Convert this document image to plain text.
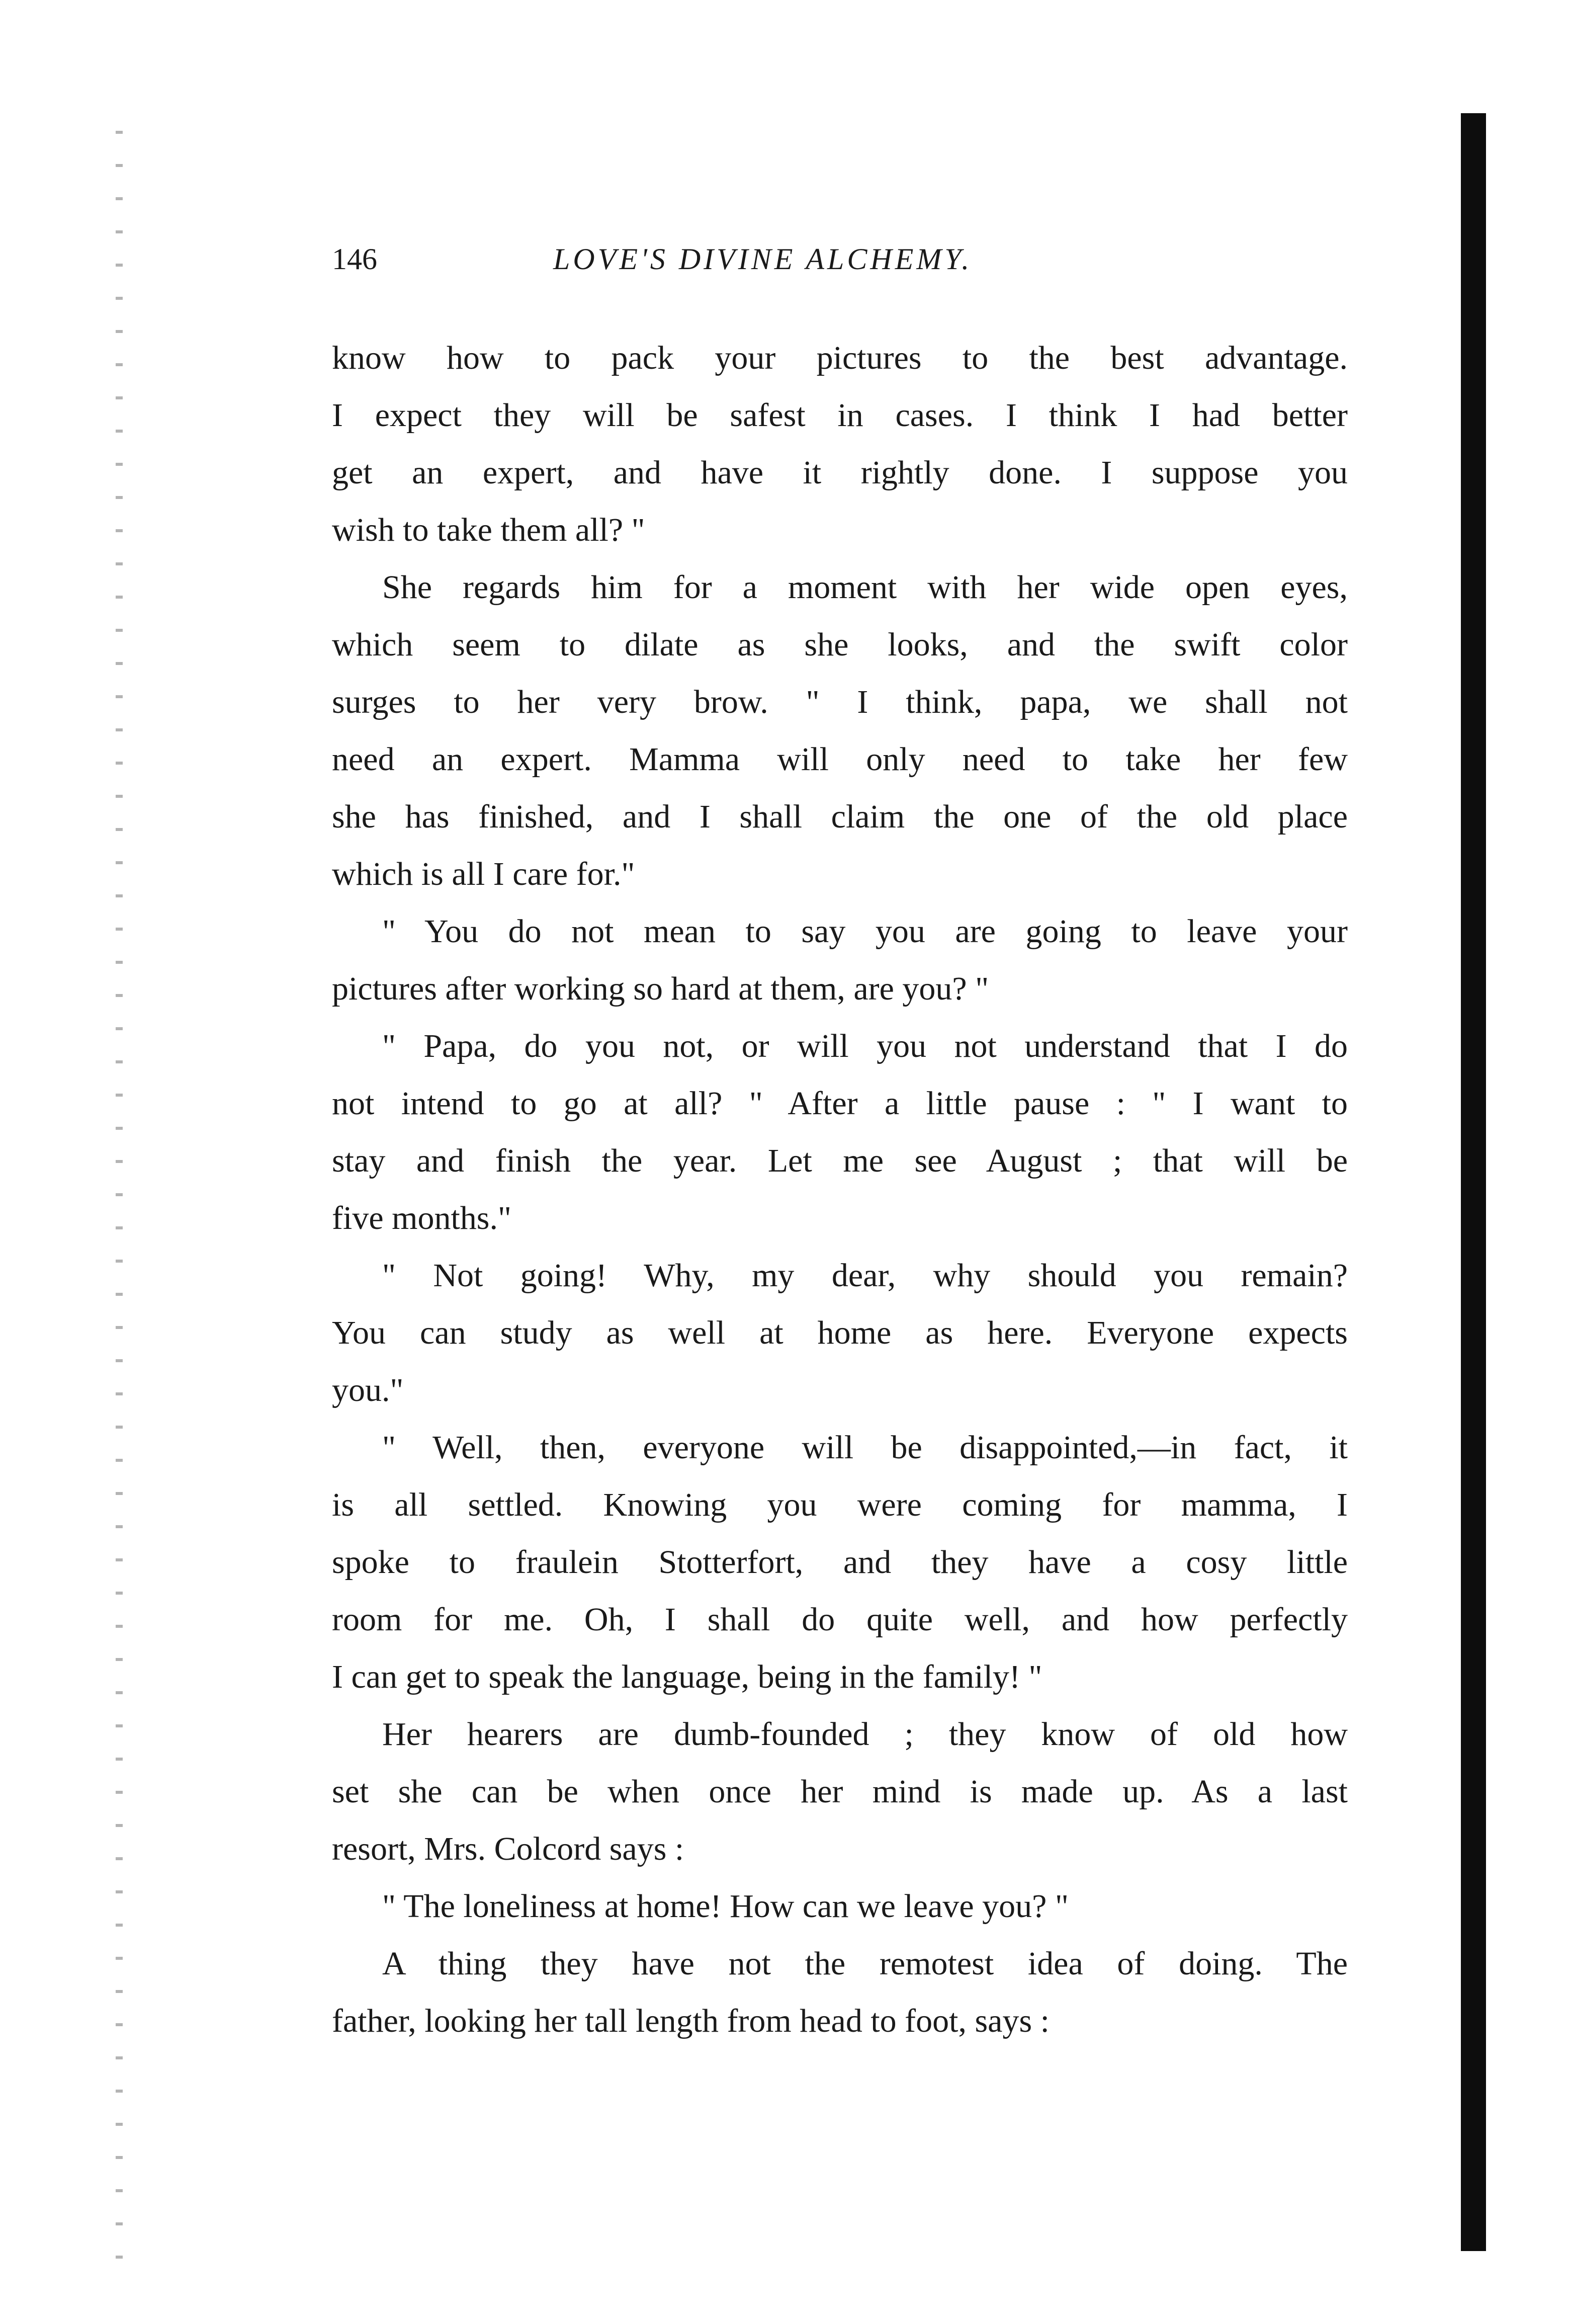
146	LOVE'S DIVINE ALCHEMY.
know how to pack your pictures to the best advantage.
I expect they will be safest in cases. I think I had better
get an expert, and have it rightly done. I suppose you
wish to take them all? "
She regards him for a moment with her wide open eyes,
which seem to dilate as she looks, and the swift color
surges to her very brow. " I think, papa, we shall not
need an expert. Mamma will only need to take her few
she has finished, and I shall claim the one of the old place
which is all I care for."
" You do not mean to say you are going to leave your
pictures after working so hard at them, are you? "
" Papa, do you not, or will you not understand that I do
not intend to go at all? " After a little pause : " I want to
stay and finish the year. Let me see August ; that will be
five months."
" Not going! Why, my dear, why should you remain?
You can study as well at home as here. Everyone expects
you."
" Well, then, everyone will be disappointed,—in fact, it
is all settled. Knowing you were coming for mamma, I
spoke to fraulein Stotterfort, and they have a cosy little
room for me. Oh, I shall do quite well, and how perfectly
I can get to speak the language, being in the family! "
Her hearers are dumb-founded ; they know of old how
set she can be when once her mind is made up. As a last
resort, Mrs. Colcord says :
" The loneliness at home! How can we leave you? "
A thing they have not the remotest idea of doing. The
father, looking her tall length from head to foot, says :
